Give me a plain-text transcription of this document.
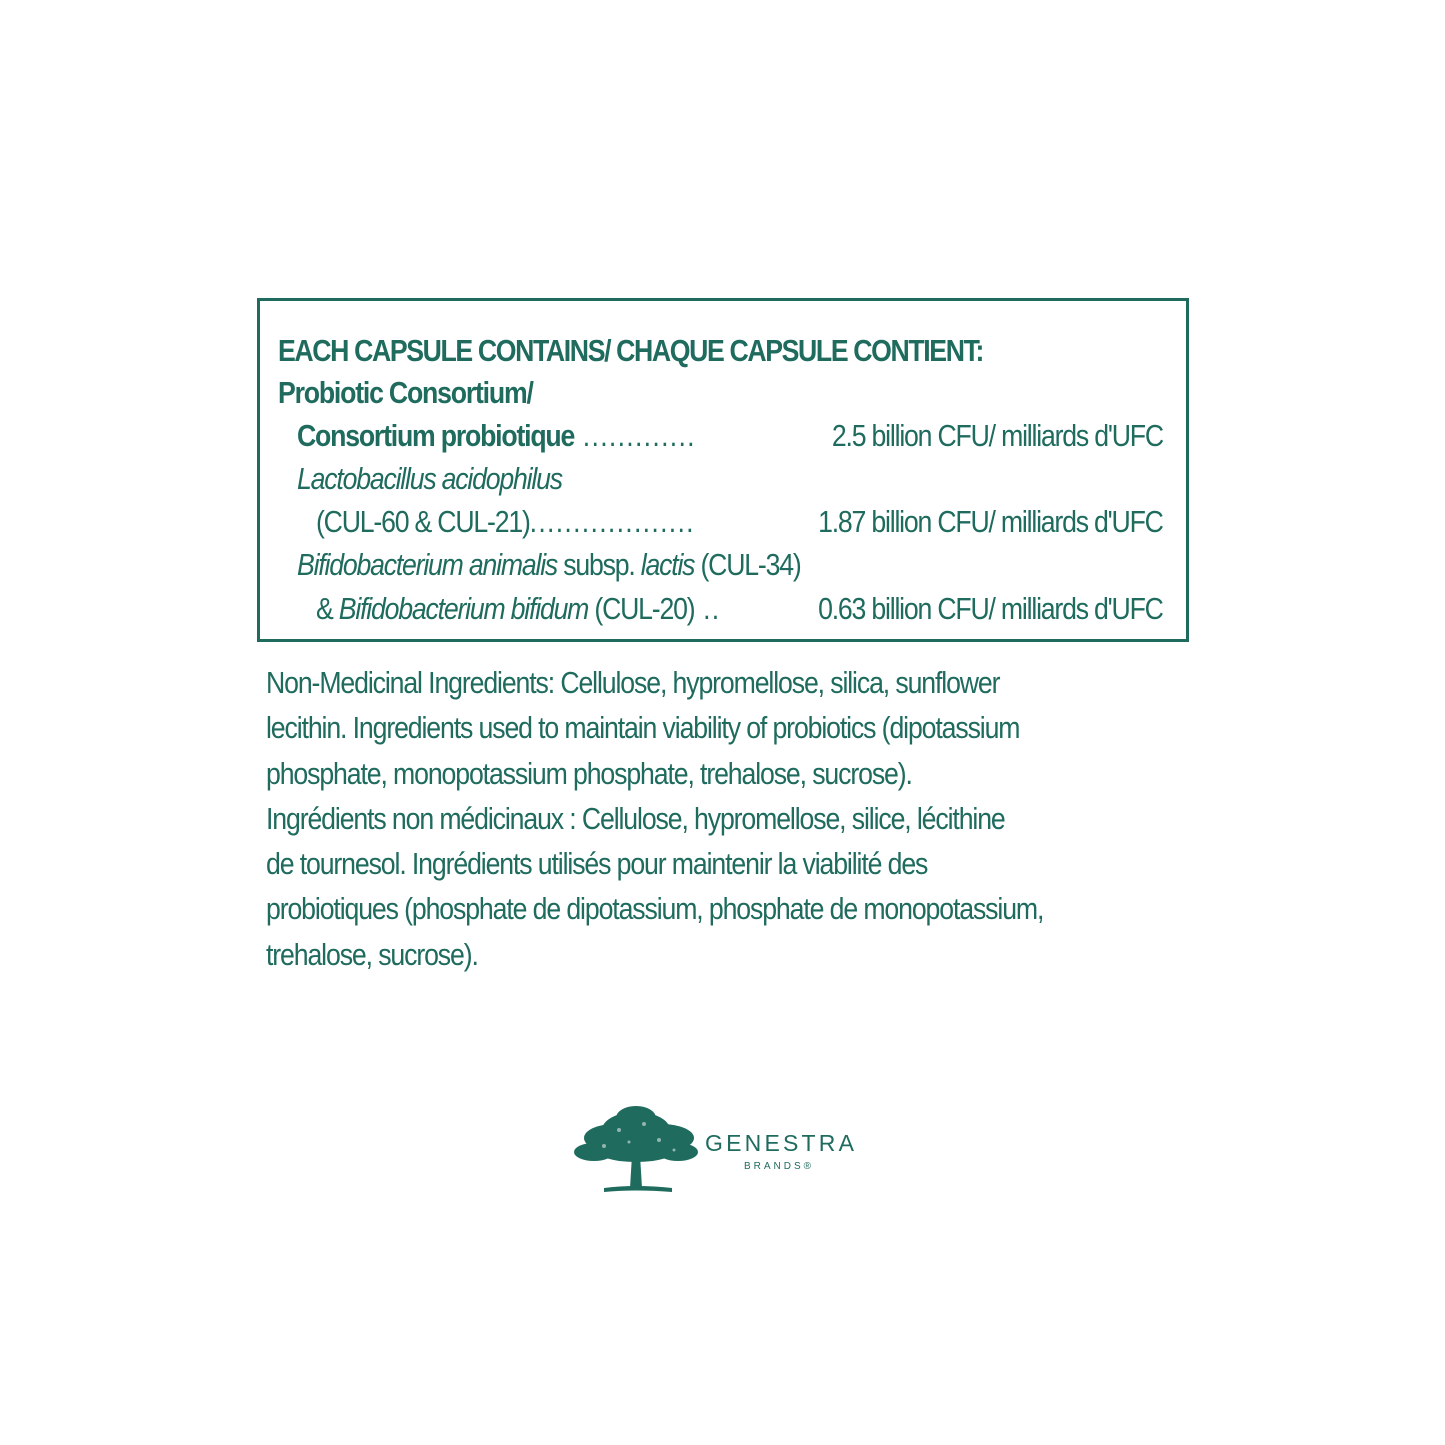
EACH CAPSULE CONTAINS/ CHAQUE CAPSULE CONTIENT:
Probiotic Consortium/
Consortium probiotique .............	2.5 billion CFU/ milliards d'UFC
Lactobacillus acidophilus
(CUL-60 & CUL-21)...................	1.87 billion CFU/ milliards d'UFC
Bifidobacterium animalis subsp. lactis (CUL-34)
& Bifidobacterium bifidum (CUL-20) ..	0.63 billion CFU/ milliards d'UFC
Non-Medicinal Ingredients: Cellulose, hypromellose, silica, sunflower
lecithin. Ingredients used to maintain viability of probiotics (dipotassium
phosphate, monopotassium phosphate, trehalose, sucrose).
Ingrédients non médicinaux : Cellulose, hypromellose, silice, lécithine
de tournesol. Ingrédients utilisés pour maintenir la viabilité des
probiotiques (phosphate de dipotassium, phosphate de monopotassium,
trehalose, sucrose).
GENESTRA
BRANDS®
